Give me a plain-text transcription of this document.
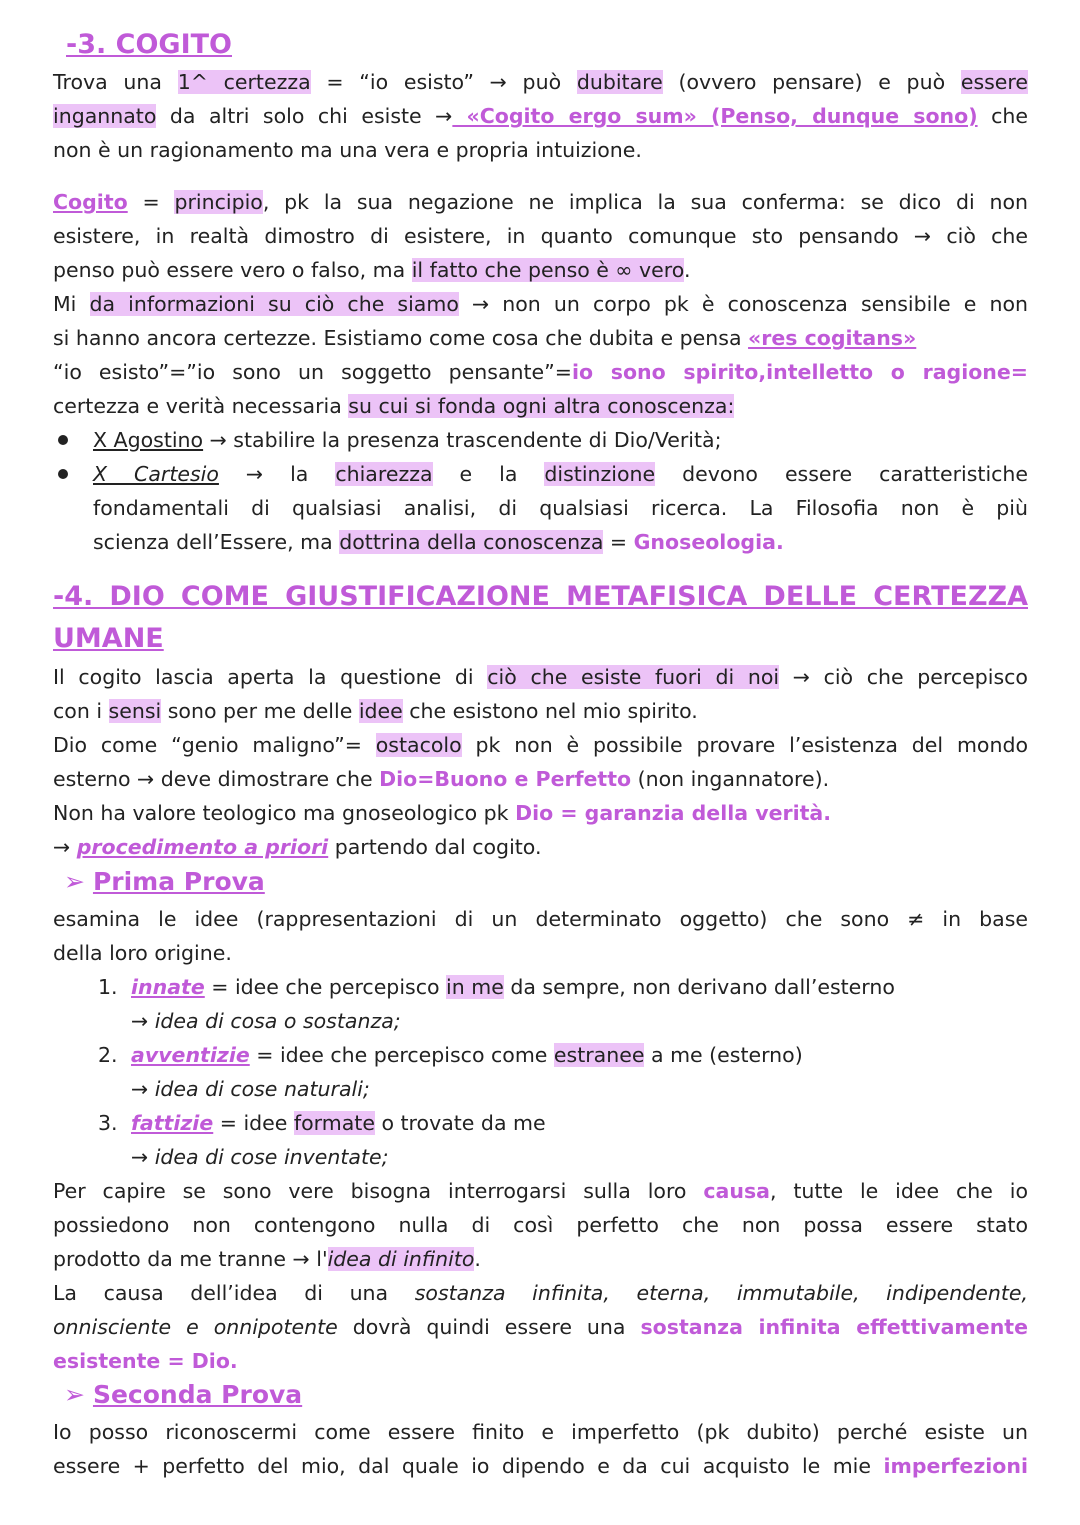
-3. COGITO
Trova una 1^ certezza = “io esisto” → può dubitare (ovvero pensare) e può essere
ingannato da altri solo chi esiste → «Cogito ergo sum» (Penso, dunque sono) che
non è un ragionamento ma una vera e propria intuizione.
Cogito = principio, pk la sua negazione ne implica la sua conferma: se dico di non
esistere, in realtà dimostro di esistere, in quanto comunque sto pensando → ciò che
penso può essere vero o falso, ma il fatto che penso è ∞ vero.
Mi da informazioni su ciò che siamo → non un corpo pk è conoscenza sensibile e non
si hanno ancora certezze. Esistiamo come cosa che dubita e pensa «res cogitans»
“io esisto”=”io sono un soggetto pensante”=io sono spirito,intelletto o ragione=
certezza e verità necessaria su cui si fonda ogni altra conoscenza:
X Agostino → stabilire la presenza trascendente di Dio/Verità;
X Cartesio → la chiarezza e la distinzione devono essere caratteristiche
fondamentali di qualsiasi analisi, di qualsiasi ricerca. La Filosofia non è più
scienza dell’Essere, ma dottrina della conoscenza = Gnoseologia.
-4. DIO COME GIUSTIFICAZIONE METAFISICA DELLE CERTEZZA
UMANE
Il cogito lascia aperta la questione di ciò che esiste fuori di noi → ciò che percepisco
con i sensi sono per me delle idee che esistono nel mio spirito.
Dio come “genio maligno”= ostacolo pk non è possibile provare l’esistenza del mondo
esterno → deve dimostrare che Dio=Buono e Perfetto (non ingannatore).
Non ha valore teologico ma gnoseologico pk Dio = garanzia della verità.
→ procedimento a priori partendo dal cogito.
➢ Prima Prova
esamina le idee (rappresentazioni di un determinato oggetto) che sono ≠ in base
della loro origine.
1. innate = idee che percepisco in me da sempre, non derivano dall’esterno
→ idea di cosa o sostanza;
2. avventizie = idee che percepisco come estranee a me (esterno)
→ idea di cose naturali;
3. fattizie = idee formate o trovate da me
→ idea di cose inventate;
Per capire se sono vere bisogna interrogarsi sulla loro causa, tutte le idee che io
possiedono non contengono nulla di così perfetto che non possa essere stato
prodotto da me tranne → l'idea di infinito.
La causa dell’idea di una sostanza infinita, eterna, immutabile, indipendente,
onnisciente e onnipotente dovrà quindi essere una sostanza infinita effettivamente
esistente = Dio.
➢ Seconda Prova
Io posso riconoscermi come essere finito e imperfetto (pk dubito) perché esiste un
essere + perfetto del mio, dal quale io dipendo e da cui acquisto le mie imperfezioni
